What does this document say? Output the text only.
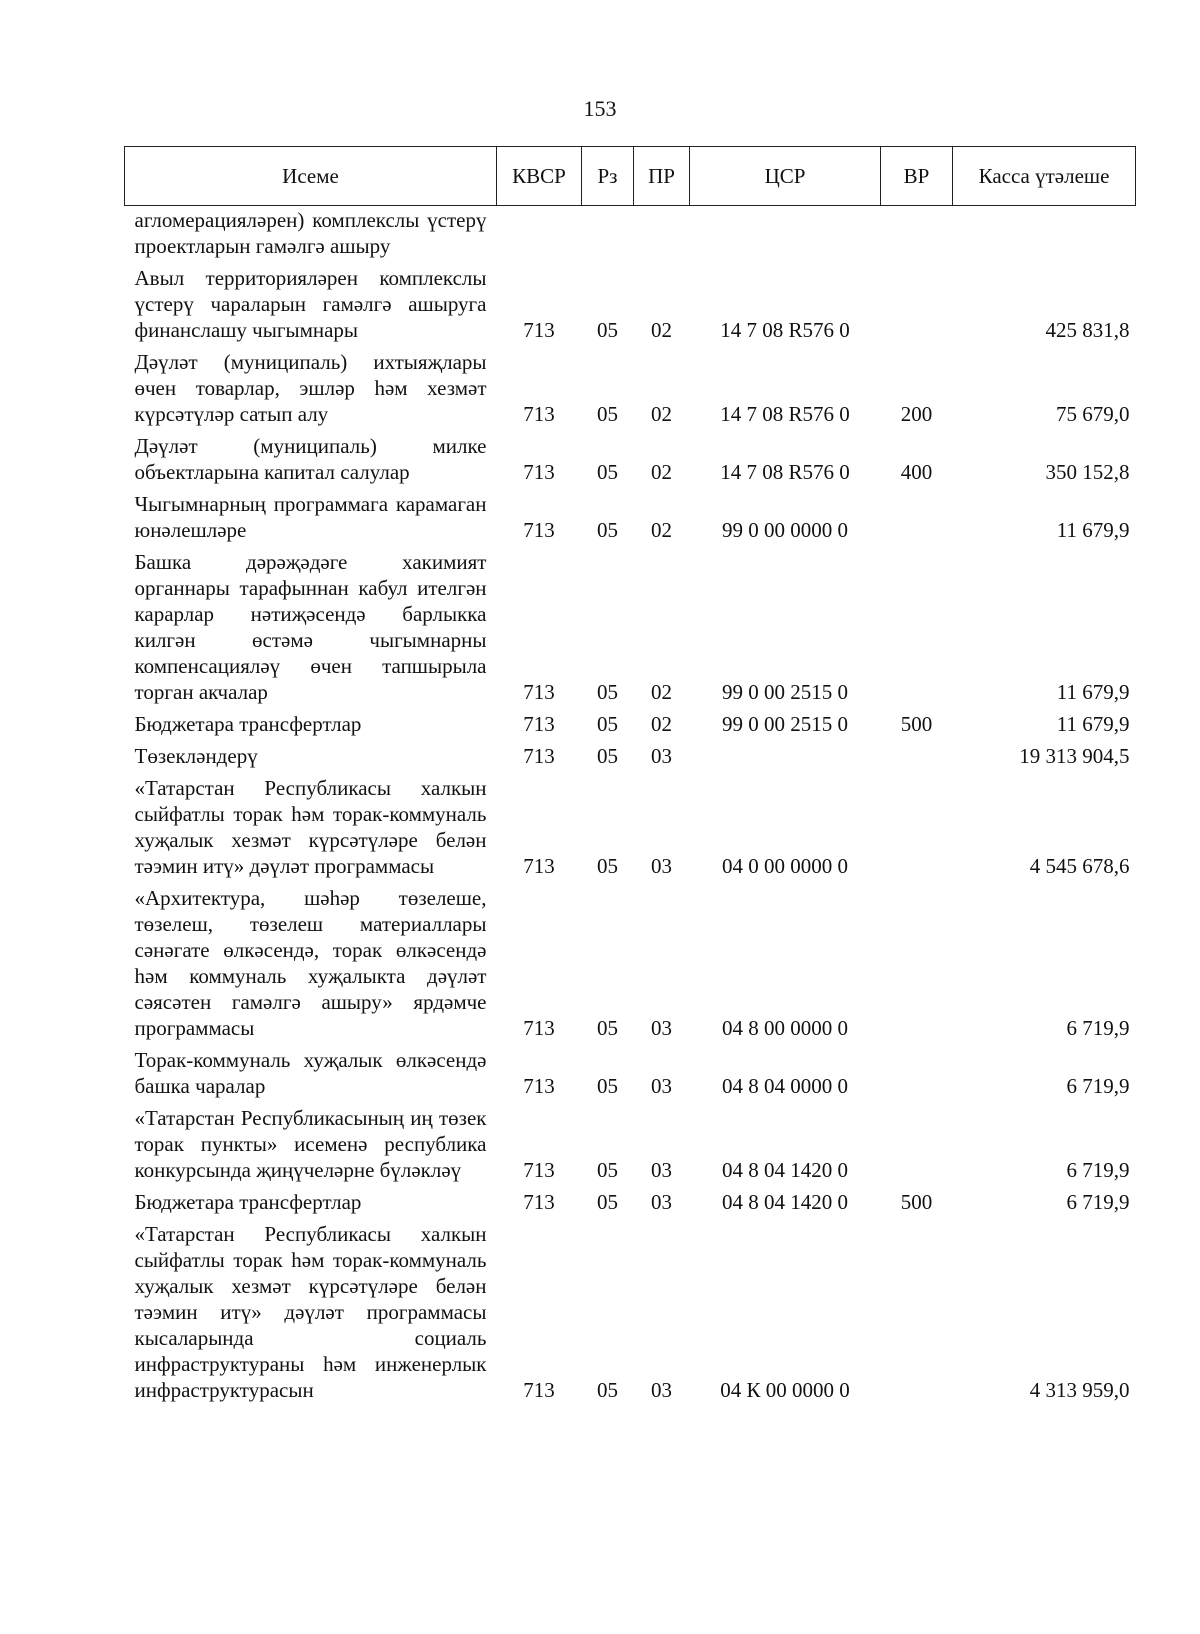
153
Исеме	КВСР	Рз	ПР	ЦСР	ВР	Касса үтәлеше
агломерацияләрен) комплекслы үстерү проектларын гамәлгә ашыру						
Авыл территорияләрен комплекслы үстерү чараларын гамәлгә ашыруга финанслашу чыгымнары	713	05	02	14 7 08 R576 0		425 831,8
Дәүләт (муниципаль) ихтыяҗлары өчен товарлар, эшләр һәм хезмәт күрсәтүләр сатып алу	713	05	02	14 7 08 R576 0	200	75 679,0
Дәүләт (муниципаль) милке объектларына капитал салулар	713	05	02	14 7 08 R576 0	400	350 152,8
Чыгымнарның программага карамаган юнәлешләре	713	05	02	99 0 00 0000 0		11 679,9
Башка дәрәҗәдәге хакимият органнары тарафыннан кабул ителгән карарлар нәтиҗәсендә барлыкка килгән өстәмә чыгымнарны компенсацияләү өчен тапшырыла торган акчалар	713	05	02	99 0 00 2515 0		11 679,9
Бюджетара трансфертлар	713	05	02	99 0 00 2515 0	500	11 679,9
Төзекләндерү	713	05	03			19 313 904,5
«Татарстан Республикасы халкын сыйфатлы торак һәм торак-коммуналь хуҗалык хезмәт күрсәтүләре белән тәэмин итү» дәүләт программасы	713	05	03	04 0 00 0000 0		4 545 678,6
«Архитектура, шәһәр төзелеше, төзелеш, төзелеш материаллары сәнәгате өлкәсендә, торак өлкәсендә һәм коммуналь хуҗалыкта дәүләт сәясәтен гамәлгә ашыру» ярдәмче программасы	713	05	03	04 8 00 0000 0		6 719,9
Торак-коммуналь хуҗалык өлкәсендә башка чаралар	713	05	03	04 8 04 0000 0		6 719,9
«Татарстан Республикасының иң төзек торак пункты» исеменә республика конкурсында җиңүчеләрне бүләкләү	713	05	03	04 8 04 1420 0		6 719,9
Бюджетара трансфертлар	713	05	03	04 8 04 1420 0	500	6 719,9
«Татарстан Республикасы халкын сыйфатлы торак һәм торак-коммуналь хуҗалык хезмәт күрсәтүләре белән тәэмин итү» дәүләт программасы кысаларында социаль инфраструктураны һәм инженерлык инфраструктурасын	713	05	03	04 К 00 0000 0		4 313 959,0
